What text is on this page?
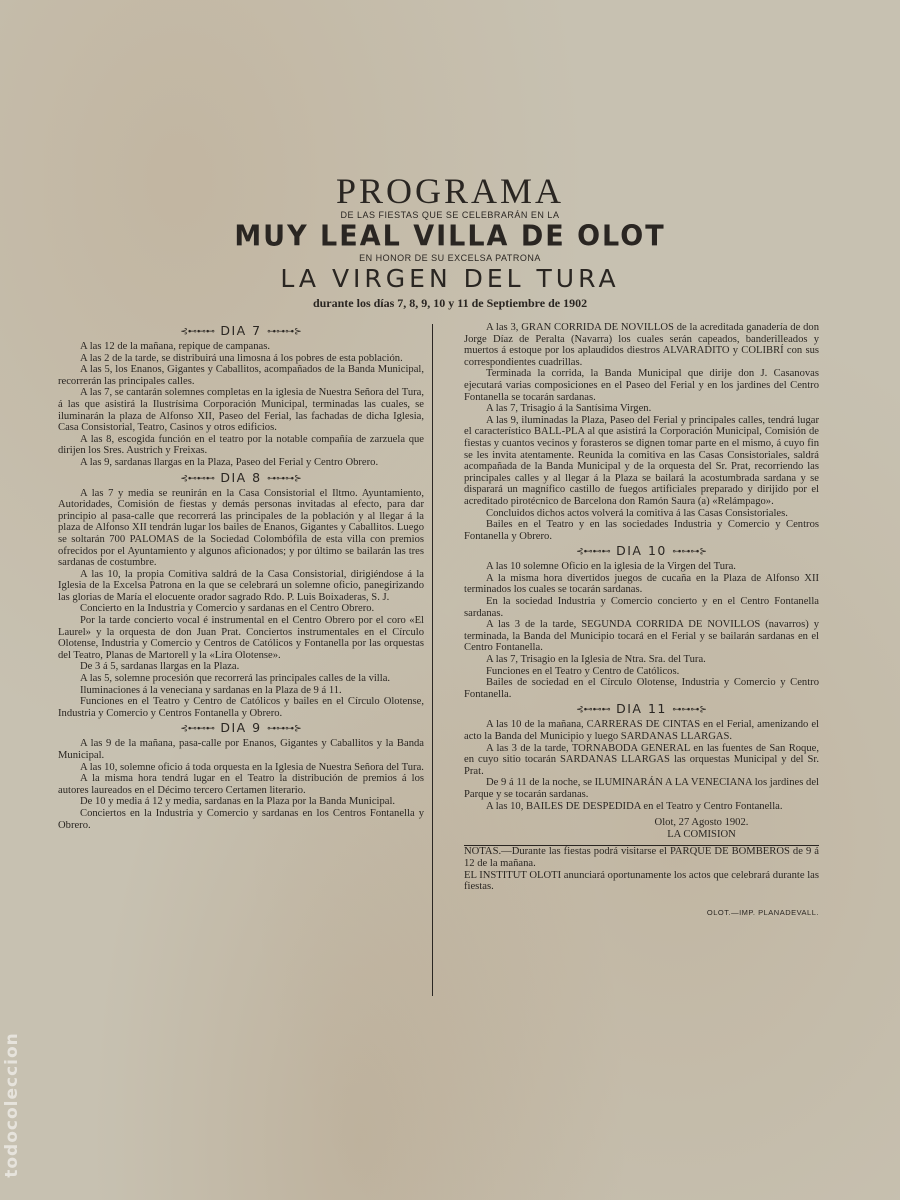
PROGRAMA
DE LAS FIESTAS QUE SE CELEBRARÁN EN LA
MUY LEAL VILLA DE OLOT
EN HONOR DE SU EXCELSA PATRONA
LA VIRGEN DEL TURA
durante los días 7, 8, 9, 10 y 11 de Septiembre de 1902
⊰⊷⊷⊷ DIA 7 ⊶⊶⊶⊱

A las 12 de la mañana, repique de campanas.

A las 2 de la tarde, se distribuirá una limosna á los pobres de esta población.

A las 5, los Enanos, Gigantes y Caballitos, acompañados de la Banda Municipal, recorrerán las principales calles.

A las 7, se cantarán solemnes completas en la iglesia de Nuestra Señora del Tura, á las que asistirá la Ilustrísima Corporación Municipal, terminadas las cuales, se iluminarán la plaza de Alfonso XII, Paseo del Ferial, las fachadas de dicha Iglesia, Casa Consistorial, Teatro, Casinos y otros edificios.

A las 8, escogida función en el teatro por la notable compañía de zarzuela que dirijen los Sres. Austrich y Freixas.

A las 9, sardanas llargas en la Plaza, Paseo del Ferial y Centro Obrero.

⊰⊷⊷⊷ DIA 8 ⊶⊶⊶⊱

A las 7 y media se reunirán en la Casa Consistorial el Iltmo. Ayuntamiento, Autoridades, Comisión de fiestas y demás personas invitadas al efecto, para dar principio al pasa-calle que recorrerá las principales de la población y al llegar á la plaza de Alfonso XII tendrán lugar los bailes de Enanos, Gigantes y Caballitos. Luego se soltarán 700 PALOMAS de la Sociedad Colombófila de esta villa con premios ofrecidos por el Ayuntamiento y algunos aficionados; y por último se bailarán las tres sardanas de costumbre.

A las 10, la propia Comitiva saldrá de la Casa Consistorial, dirigiéndose á la Iglesia de la Excelsa Patrona en la que se celebrará un solemne oficio, panegirizando las glorias de María el elocuente orador sagrado Rdo. P. Luis Boixaderas, S. J.

Concierto en la Industria y Comercio y sardanas en el Centro Obrero.

Por la tarde concierto vocal é instrumental en el Centro Obrero por el coro «El Laurel» y la orquesta de don Juan Prat. Conciertos instrumentales en el Círculo Olotense, Industria y Comercio y Centros de Católicos y Fontanella por las orquestas del Teatro, Planas de Martorell y la «Lira Olotense».

De 3 á 5, sardanas llargas en la Plaza.

A las 5, solemne procesión que recorrerá las principales calles de la villa.

Iluminaciones á la veneciana y sardanas en la Plaza de 9 á 11.

Funciones en el Teatro y Centro de Católicos y bailes en el Círculo Olotense, Industria y Comercio y Centros Fontanella y Obrero.

⊰⊷⊷⊷ DIA 9 ⊶⊶⊶⊱

A las 9 de la mañana, pasa-calle por Enanos, Gigantes y Caballitos y la Banda Municipal.

A las 10, solemne oficio á toda orquesta en la Iglesia de Nuestra Señora del Tura.

A la misma hora tendrá lugar en el Teatro la distribución de premios á los autores laureados en el Décimo tercero Certamen literario.

De 10 y media á 12 y media, sardanas en la Plaza por la Banda Municipal.

Conciertos en la Industria y Comercio y sardanas en los Centros Fontanella y Obrero.

A las 3, GRAN CORRIDA DE NOVILLOS de la acreditada ganadería de don Jorge Díaz de Peralta (Navarra) los cuales serán capeados, banderilleados y muertos á estoque por los aplaudidos diestros ALVARADITO y COLIBRÍ con sus correspondientes cuadrillas.

Terminada la corrida, la Banda Municipal que dirije don J. Casanovas ejecutará varias composiciones en el Paseo del Ferial y en los jardines del Centro Fontanella se tocarán sardanas.

A las 7, Trisagio á la Santísima Virgen.

A las 9, iluminadas la Plaza, Paseo del Ferial y principales calles, tendrá lugar el característico BALL-PLA al que asistirá la Corporación Municipal, Comisión de fiestas y cuantos vecinos y forasteros se dignen tomar parte en el mismo, á cuyo fin se les invita atentamente. Reunida la comitiva en las Casas Consistoriales, saldrá acompañada de la Banda Municipal y de la orquesta del Sr. Prat, recorriendo las principales calles y al llegar á la Plaza se bailará la acostumbrada sardana y se disparará un magnífico castillo de fuegos artificiales preparado y dirijido por el acreditado pirotécnico de Barcelona don Ramón Saura (a) «Relámpago».

Concluidos dichos actos volverá la comitiva á las Casas Consistoriales.

Bailes en el Teatro y en las sociedades Industria y Comercio y Centros Fontanella y Obrero.

⊰⊷⊷⊷ DIA 10 ⊶⊶⊶⊱

A las 10 solemne Oficio en la iglesia de la Virgen del Tura.

A la misma hora divertidos juegos de cucaña en la Plaza de Alfonso XII terminados los cuales se tocarán sardanas.

En la sociedad Industria y Comercio concierto y en el Centro Fontanella sardanas.

A las 3 de la tarde, SEGUNDA CORRIDA DE NOVILLOS (navarros) y terminada, la Banda del Municipio tocará en el Ferial y se bailarán sardanas en el Centro Fontanella.

A las 7, Trisagio en la Iglesia de Ntra. Sra. del Tura.

Funciones en el Teatro y Centro de Católicos.

Bailes de sociedad en el Círculo Olotense, Industria y Comercio y Centro Fontanella.

⊰⊷⊷⊷ DIA 11 ⊶⊶⊶⊱

A las 10 de la mañana, CARRERAS DE CINTAS en el Ferial, amenizando el acto la Banda del Municipio y luego SARDANAS LLARGAS.

A las 3 de la tarde, TORNABODA GENERAL en las fuentes de San Roque, en cuyo sitio tocarán SARDANAS LLARGAS las orquestas Municipal y del Sr. Prat.

De 9 á 11 de la noche, se ILUMINARÁN A LA VENECIANA los jardines del Parque y se tocarán sardanas.

A las 10, BAILES DE DESPEDIDA en el Teatro y Centro Fontanella.

Olot, 27 Agosto 1902.
LA COMISION

NOTAS.—Durante las fiestas podrá visitarse el PARQUE DE BOMBEROS de 9 á 12 de la mañana.

EL INSTITUT OLOTI anunciará oportunamente los actos que celebrará durante las fiestas.

OLOT.—IMP. PLANADEVALL.
todocoleccion
